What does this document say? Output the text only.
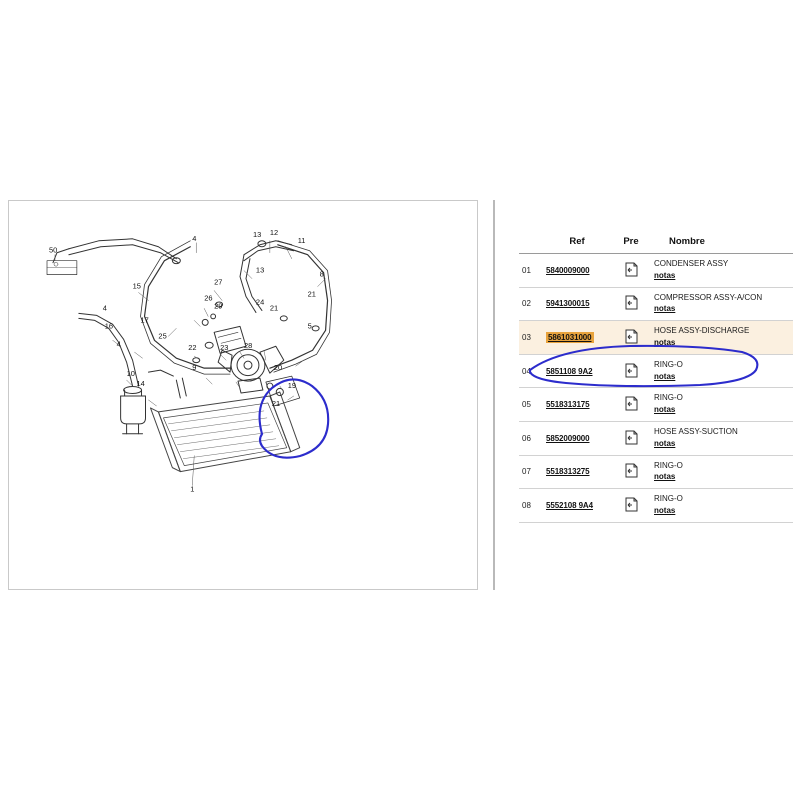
50
4	13 12
11
27
13	8
21
15
26
29	24
21
5
4
16
17
25
4	22	23 28
10
14
9	20
19
1
21
	Ref	Pre	Nombre
01	5840009000		CONDENSER ASSY
notas
02	5941300015		COMPRESSOR ASSY-A/CON
notas
03	5861031000		HOSE ASSY-DISCHARGE
notas
04	5851108 9A2		RING-O
notas
05	5518313175		RING-O
notas
06	5852009000		HOSE ASSY-SUCTION
notas
07	5518313275		RING-O
notas
08	5552108 9A4		RING-O
notas
